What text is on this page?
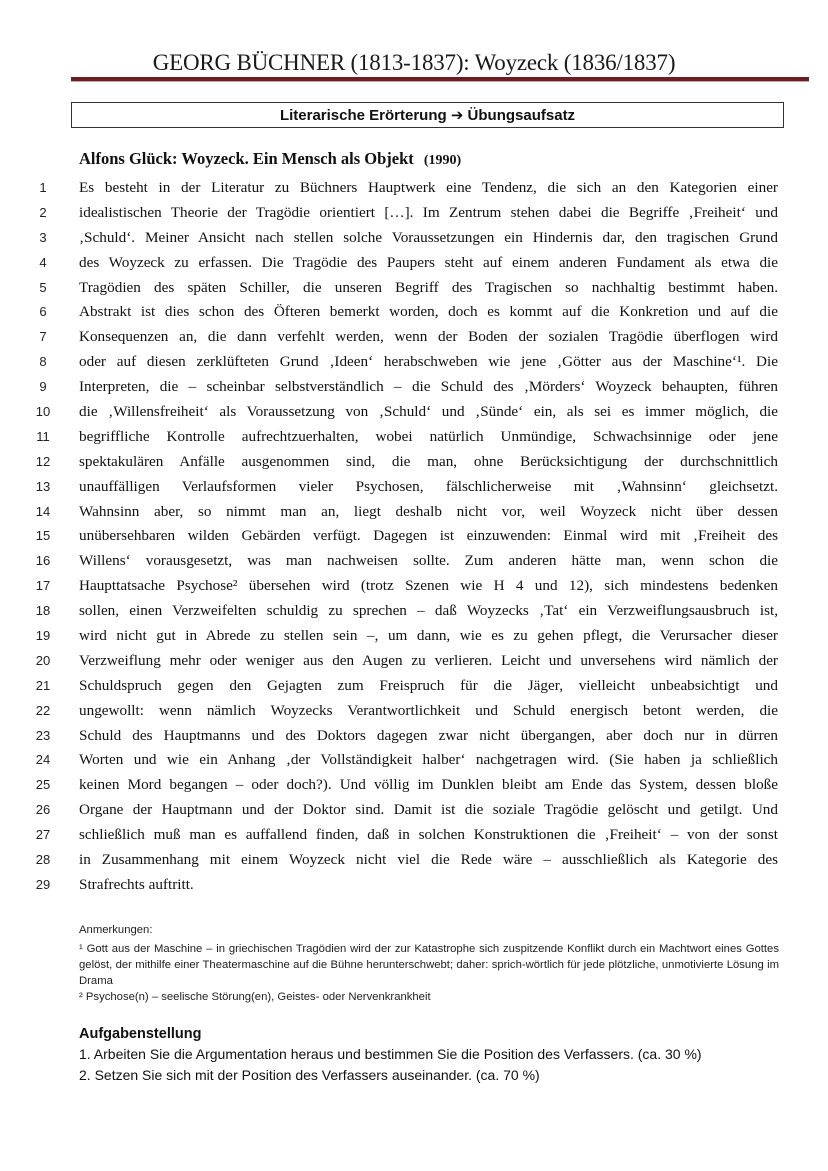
GEORG BÜCHNER (1813-1837): Woyzeck (1836/1837)
Literarische Erörterung ➔ Übungsaufsatz
Alfons Glück: Woyzeck. Ein Mensch als Objekt (1990)
1	Es besteht in der Literatur zu Büchners Hauptwerk eine Tendenz, die sich an den Kategorien einer
2	idealistischen Theorie der Tragödie orientiert […]. Im Zentrum stehen dabei die Begriffe ‚Freiheit‘ und
3	‚Schuld‘. Meiner Ansicht nach stellen solche Voraussetzungen ein Hindernis dar, den tragischen Grund
4	des Woyzeck zu erfassen. Die Tragödie des Paupers steht auf einem anderen Fundament als etwa die
5	Tragödien des späten Schiller, die unseren Begriff des Tragischen so nachhaltig bestimmt haben.
6	Abstrakt ist dies schon des Öfteren bemerkt worden, doch es kommt auf die Konkretion und auf die
7	Konsequenzen an, die dann verfehlt werden, wenn der Boden der sozialen Tragödie überflogen wird
8	oder auf diesen zerklüfteten Grund ‚Ideen‘ herabschweben wie jene ‚Götter aus der Maschine‘¹. Die
9	Interpreten, die – scheinbar selbstverständlich – die Schuld des ‚Mörders‘ Woyzeck behaupten, führen
10	die ‚Willensfreiheit‘ als Voraussetzung von ‚Schuld‘ und ‚Sünde‘ ein, als sei es immer möglich, die
11	begriffliche Kontrolle aufrechtzuerhalten, wobei natürlich Unmündige, Schwachsinnige oder jene
12	spektakulären Anfälle ausgenommen sind, die man, ohne Berücksichtigung der durchschnittlich
13	unauffälligen Verlaufsformen vieler Psychosen, fälschlicherweise mit ‚Wahnsinn‘ gleichsetzt.
14	Wahnsinn aber, so nimmt man an, liegt deshalb nicht vor, weil Woyzeck nicht über dessen
15	unübersehbaren wilden Gebärden verfügt. Dagegen ist einzuwenden: Einmal wird mit ‚Freiheit des
16	Willens‘ vorausgesetzt, was man nachweisen sollte. Zum anderen hätte man, wenn schon die
17	Haupttatsache Psychose² übersehen wird (trotz Szenen wie H 4 und 12), sich mindestens bedenken
18	sollen, einen Verzweifelten schuldig zu sprechen – daß Woyzecks ‚Tat‘ ein Verzweiflungsausbruch ist,
19	wird nicht gut in Abrede zu stellen sein –, um dann, wie es zu gehen pflegt, die Verursacher dieser
20	Verzweiflung mehr oder weniger aus den Augen zu verlieren. Leicht und unversehens wird nämlich der
21	Schuldspruch gegen den Gejagten zum Freispruch für die Jäger, vielleicht unbeabsichtigt und
22	ungewollt: wenn nämlich Woyzecks Verantwortlichkeit und Schuld energisch betont werden, die
23	Schuld des Hauptmanns und des Doktors dagegen zwar nicht übergangen, aber doch nur in dürren
24	Worten und wie ein Anhang ‚der Vollständigkeit halber‘ nachgetragen wird. (Sie haben ja schließlich
25	keinen Mord begangen – oder doch?). Und völlig im Dunklen bleibt am Ende das System, dessen bloße
26	Organe der Hauptmann und der Doktor sind. Damit ist die soziale Tragödie gelöscht und getilgt. Und
27	schließlich muß man es auffallend finden, daß in solchen Konstruktionen die ‚Freiheit‘ – von der sonst
28	in Zusammenhang mit einem Woyzeck nicht viel die Rede wäre – ausschließlich als Kategorie des
29	Strafrechts auftritt.
Anmerkungen:
¹ Gott aus der Maschine – in griechischen Tragödien wird der zur Katastrophe sich zuspitzende Konflikt durch ein Machtwort eines Gottes gelöst, der mithilfe einer Theatermaschine auf die Bühne herunterschwebt; daher: sprich-wörtlich für jede plötzliche, unmotivierte Lösung im Drama
² Psychose(n) – seelische Störung(en), Geistes- oder Nervenkrankheit
Aufgabenstellung
1. Arbeiten Sie die Argumentation heraus und bestimmen Sie die Position des Verfassers. (ca. 30 %)
2. Setzen Sie sich mit der Position des Verfassers auseinander. (ca. 70 %)
